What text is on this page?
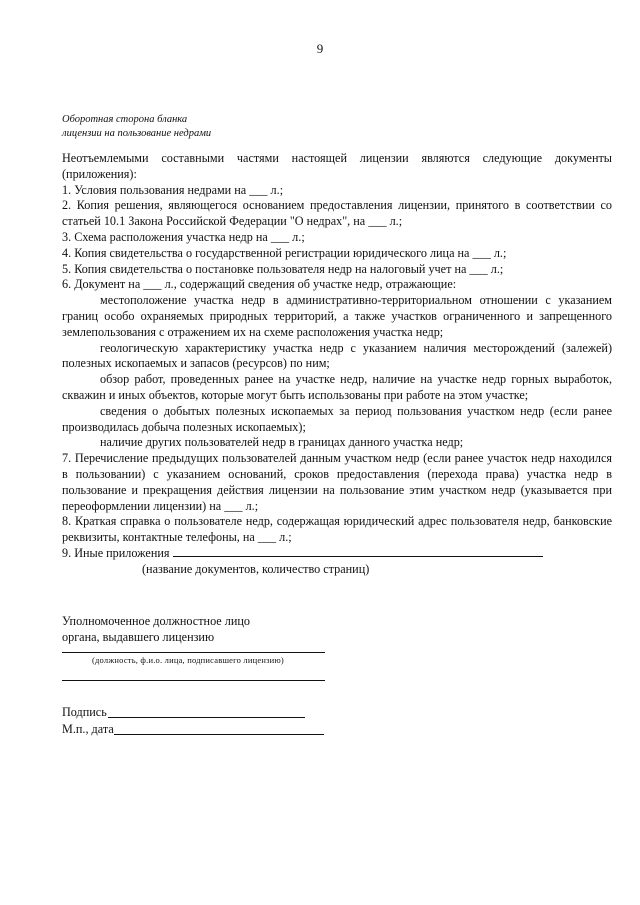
9
Оборотная сторона бланка
лицензии на пользование недрами

Неотъемлемыми составными частями настоящей лицензии являются следующие документы (приложения):

1. Условия пользования недрами на ___ л.;

2. Копия решения, являющегося основанием предоставления лицензии, принятого в соответствии со статьей 10.1 Закона Российской Федерации "О недрах", на ___ л.;

3. Схема расположения участка недр на ___ л.;

4. Копия свидетельства о государственной регистрации юридического лица на ___ л.;

5. Копия свидетельства о постановке пользователя недр на налоговый учет на ___ л.;

6. Документ на ___ л., содержащий сведения об участке недр, отражающие:

местоположение участка недр в административно-территориальном отношении с указанием границ особо охраняемых природных территорий, а также участков ограниченного и запрещенного землепользования с отражением их на схеме расположения участка недр;

геологическую характеристику участка недр с указанием наличия месторождений (залежей) полезных ископаемых и запасов (ресурсов) по ним;

обзор работ, проведенных ранее на участке недр, наличие на участке недр горных выработок, скважин и иных объектов, которые могут быть использованы при работе на этом участке;

сведения о добытых полезных ископаемых за период пользования участком недр (если ранее производилась добыча полезных ископаемых);

наличие других пользователей недр в границах данного участка недр;

7. Перечисление предыдущих пользователей данным участком недр (если ранее участок недр находился в пользовании) с указанием оснований, сроков предоставления (перехода права) участка недр в пользование и прекращения действия лицензии на пользование этим участком недр (указывается при переоформлении лицензии) на ___ л.;

8. Краткая справка о пользователе недр, содержащая юридический адрес пользователя недр, банковские реквизиты, контактные телефоны, на ___ л.;

9. Иные приложения

(название документов, количество страниц)

Уполномоченное должностное лицо
органа, выдавшего лицензию
(должность, ф.и.о. лица, подписавшего лицензию)
Подпись
М.п., дата
